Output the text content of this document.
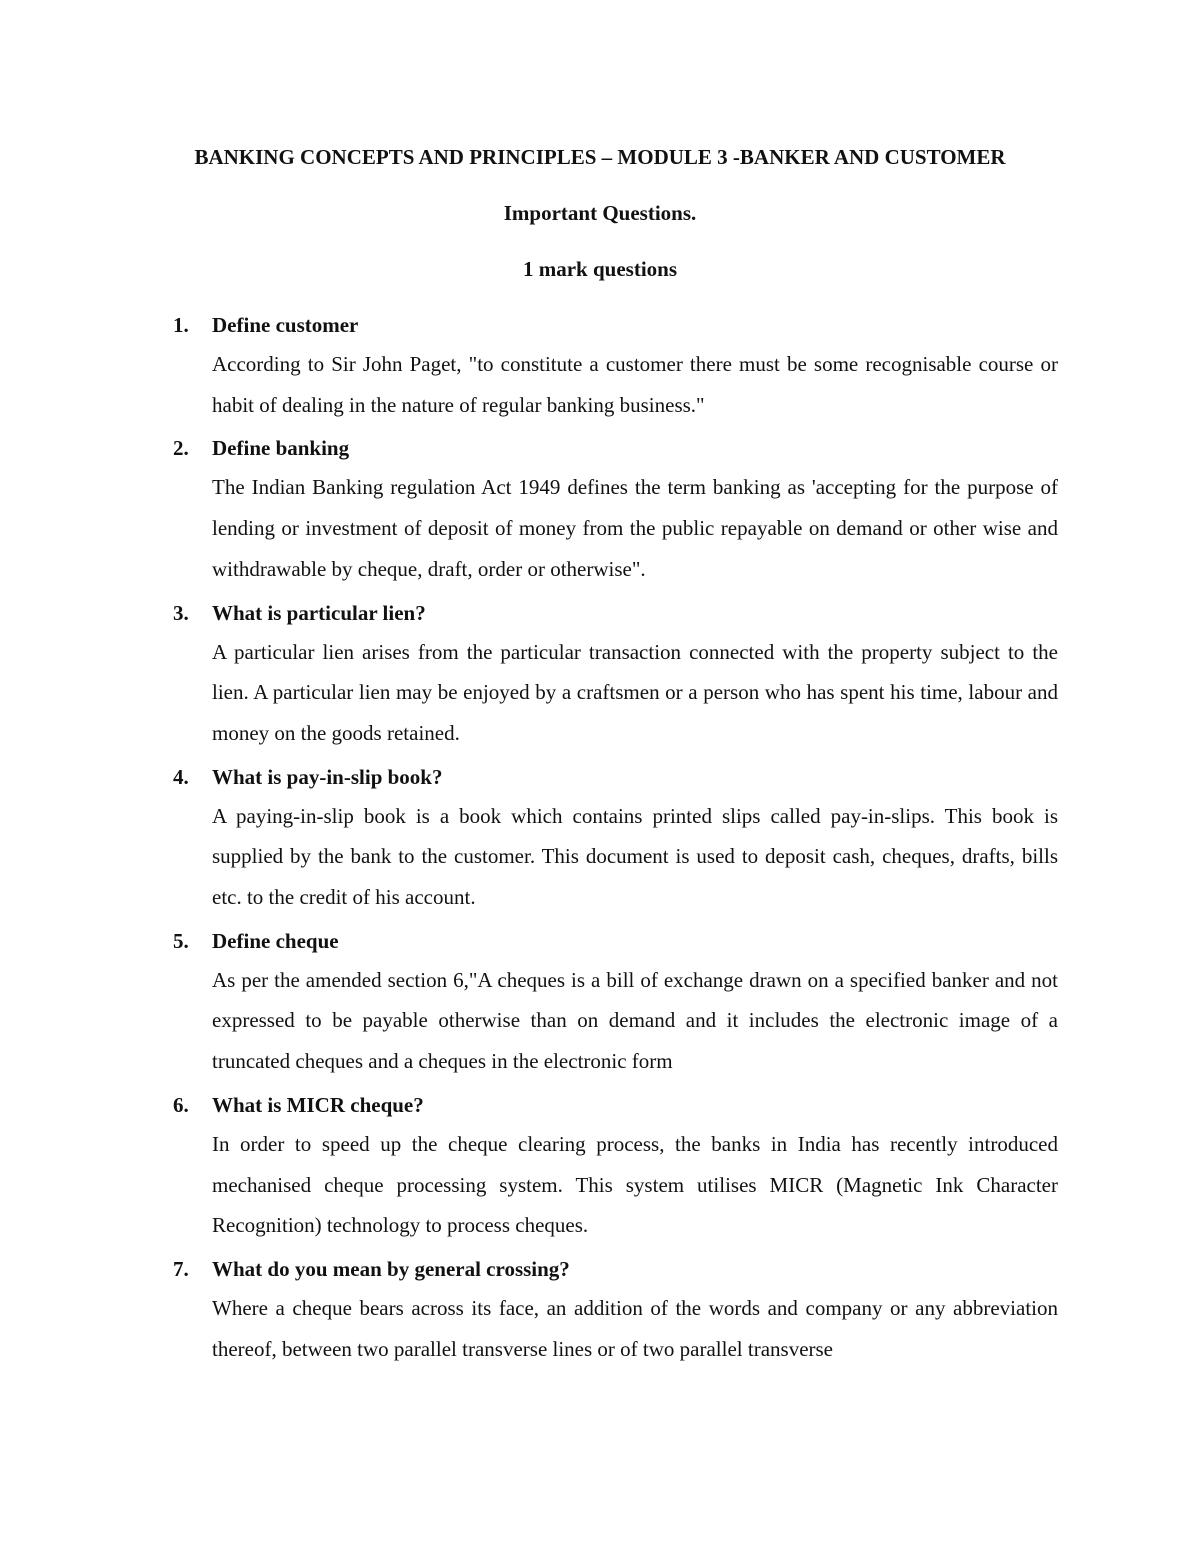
BANKING CONCEPTS AND PRINCIPLES – MODULE 3 -BANKER AND CUSTOMER
Important Questions.
1 mark questions
1. Define customer
According to Sir John Paget, "to constitute a customer there must be some recognisable course or habit of dealing in the nature of regular banking business."
2. Define banking
The Indian Banking regulation Act 1949 defines the term banking as 'accepting for the purpose of lending or investment of deposit of money from the public repayable on demand or other wise and withdrawable by cheque, draft, order or otherwise".
3. What is particular lien?
A particular lien arises from the particular transaction connected with the property subject to the lien. A particular lien may be enjoyed by a craftsmen or a person who has spent his time, labour and money on the goods retained.
4. What is pay-in-slip book?
A paying-in-slip book is a book which contains printed slips called pay-in-slips. This book is supplied by the bank to the customer. This document is used to deposit cash, cheques, drafts, bills etc. to the credit of his account.
5. Define cheque
As per the amended section 6,"A cheques is a bill of exchange drawn on a specified banker and not expressed to be payable otherwise than on demand and it includes the electronic image of a truncated cheques and a cheques in the electronic form
6. What is MICR cheque?
In order to speed up the cheque clearing process, the banks in India has recently introduced mechanised cheque processing system. This system utilises MICR (Magnetic Ink Character Recognition) technology to process cheques.
7. What do you mean by general crossing?
Where a cheque bears across its face, an addition of the words and company or any abbreviation thereof, between two parallel transverse lines or of two parallel transverse
